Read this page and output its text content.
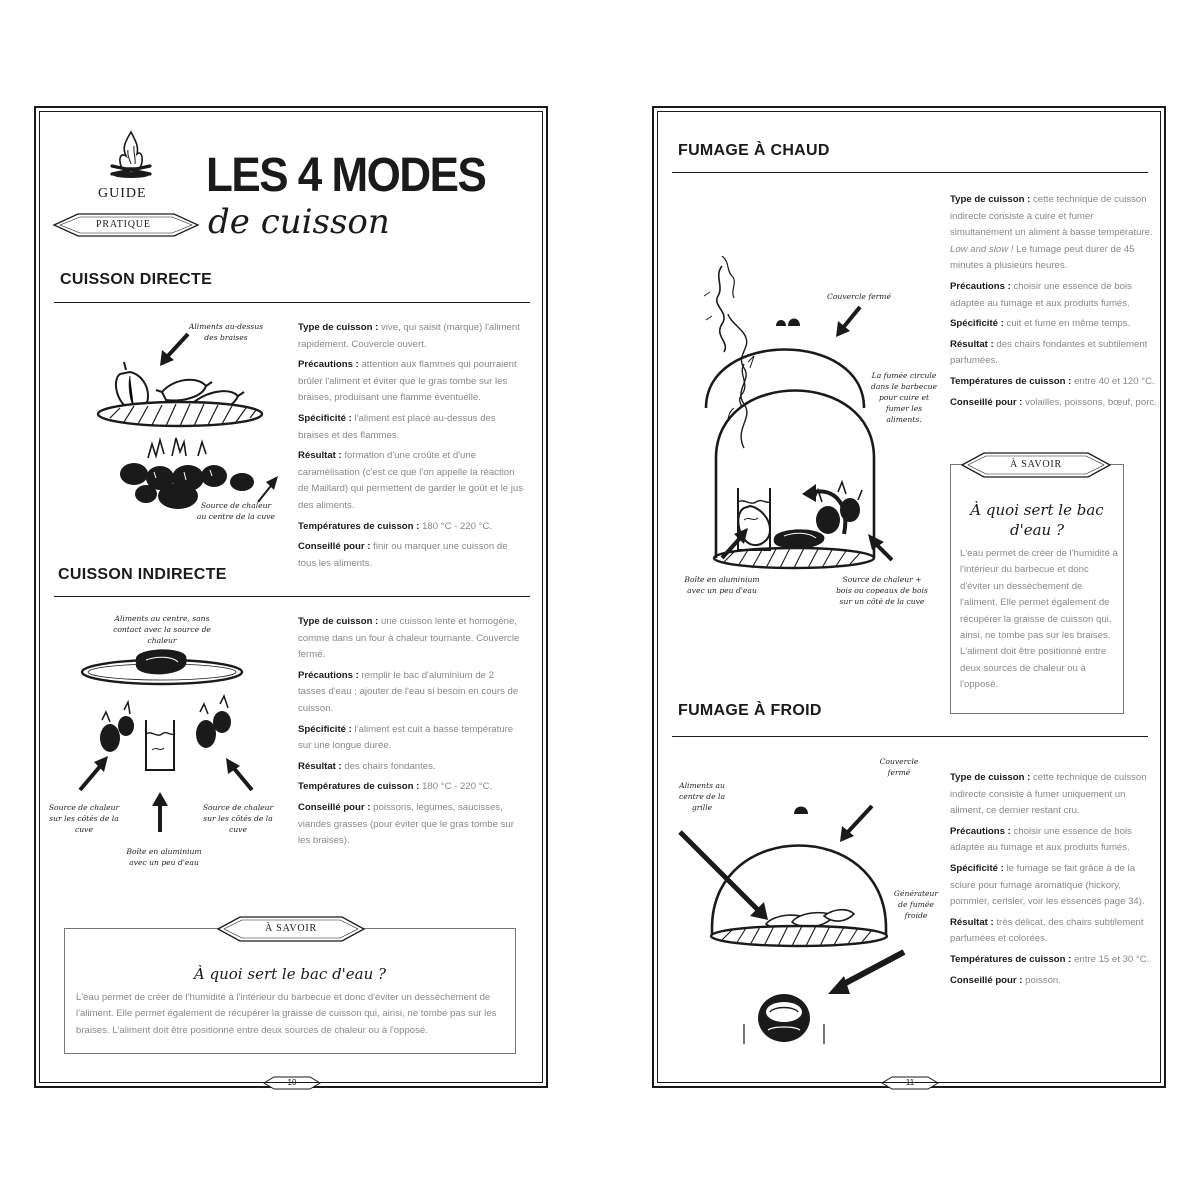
GUIDE
PRATIQUE
LES 4 MODES
de cuisson
CUISSON DIRECTE
Aliments au-dessus des braises
Source de chaleur au centre de la cuve

Type de cuisson : vive, qui saisit (marque) l'aliment rapidement. Couvercle ouvert.

Précautions : attention aux flammes qui pourraient brûler l'aliment et éviter que le gras tombe sur les braises, produisant une flamme éventuelle.

Spécificité : l'aliment est placé au-dessus des braises et des flammes.

Résultat : formation d'une croûte et d'une caramélisation (c'est ce que l'on appelle la réaction de Maillard) qui permettent de garder le goût et le jus des aliments.

Températures de cuisson : 180 °C - 220 °C.

Conseillé pour : finir ou marquer une cuisson de tous les aliments.

CUISSON INDIRECTE
Aliments au centre, sans contact avec la source de chaleur
Source de chaleur sur les côtés de la cuve
Source de chaleur sur les côtés de la cuve
Boîte en aluminium avec un peu d'eau

Type de cuisson : une cuisson lente et homogène, comme dans un four à chaleur tournante. Couvercle fermé.

Précautions : remplir le bac d'aluminium de 2 tasses d'eau ; ajouter de l'eau si besoin en cours de cuisson.

Spécificité : l'aliment est cuit à basse température sur une longue durée.

Résultat : des chairs fondantes.

Températures de cuisson : 180 °C - 220 °C.

Conseillé pour : poissons, légumes, saucisses, viandes grasses (pour éviter que le gras tombe sur les braises).

À SAVOIR
À quoi sert le bac d'eau ?
L'eau permet de créer de l'humidité à l'intérieur du barbecue et donc d'éviter un dessèchement de l'aliment. Elle permet également de récupérer la graisse de cuisson qui, ainsi, ne tombe pas sur les braises. L'aliment doit être positionné entre deux sources de chaleur ou à l'opposé.
10
FUMAGE À CHAUD
Couvercle fermé
La fumée circule dans le barbecue pour cuire et fumer les aliments.
Boîte en aluminium avec un peu d'eau
Source de chaleur + bois ou copeaux de bois sur un côté de la cuve

Type de cuisson : cette technique de cuisson indirecte consiste à cuire et fumer simultanément un aliment à basse température. Low and slow ! Le fumage peut durer de 45 minutes à plusieurs heures.

Précautions : choisir une essence de bois adaptée au fumage et aux produits fumés.

Spécificité : cuit et fume en même temps.

Résultat : des chairs fondantes et subtilement parfumées.

Températures de cuisson : entre 40 et 120 °C.

Conseillé pour : volailles, poissons, bœuf, porc.

À SAVOIR
À quoi sert le bac d'eau ?
L'eau permet de créer de l'humidité à l'intérieur du barbecue et donc d'éviter un dessèchement de l'aliment. Elle permet également de récupérer la graisse de cuisson qui, ainsi, ne tombe pas sur les braises. L'aliment doit être positionné entre deux sources de chaleur ou à l'opposé.
FUMAGE À FROID
Aliments au centre de la grille
Couvercle fermé
Générateur de fumée froide

Type de cuisson : cette technique de cuisson indirecte consiste à fumer uniquement un aliment, ce dernier restant cru.

Précautions : choisir une essence de bois adaptée au fumage et aux produits fumés.

Spécificité : le fumage se fait grâce à de la sciure pour fumage aromatique (hickory, pommier, cerisier, voir les essences page 34).

Résultat : très délicat, des chairs subtilement parfumées et colorées.

Températures de cuisson : entre 15 et 30 °C.

Conseillé pour : poisson.

11
